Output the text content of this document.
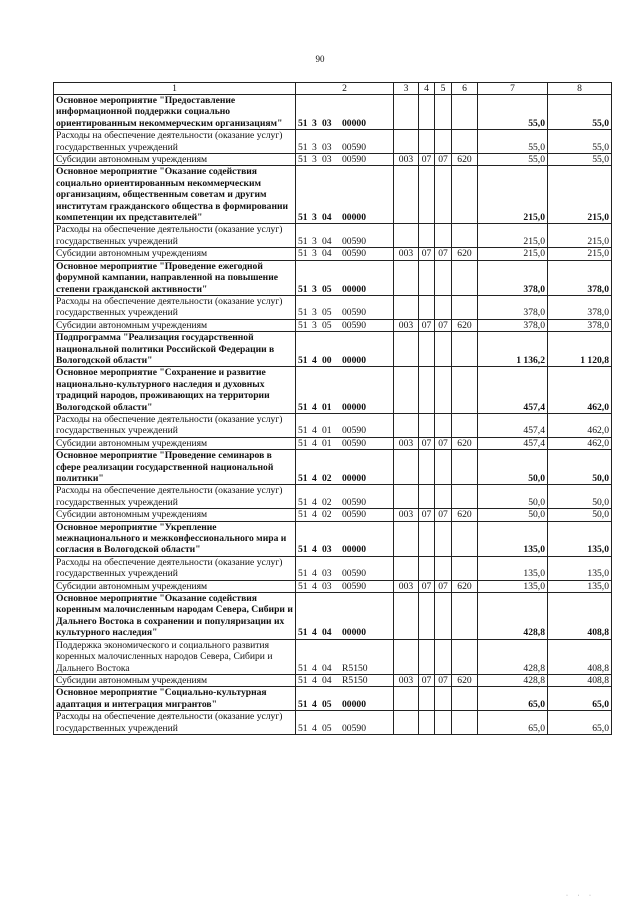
90
1	2	3	4	5	6	7	8
Основное мероприятие "Предоставление информационной поддержки социально ориентированным некоммерческим организациям"	51 3 03 00000					55,0	55,0
Расходы на обеспечение деятельности (оказание услуг) государственных учреждений	51 3 03 00590					55,0	55,0
Субсидии автономным учреждениям	51 3 03 00590	003	07	07	620	55,0	55,0
Основное мероприятие "Оказание содействия социально ориентированным некоммерческим организациям, общественным советам и другим институтам гражданского общества в формировании компетенции их представителей"	51 3 04 00000					215,0	215,0
Расходы на обеспечение деятельности (оказание услуг) государственных учреждений	51 3 04 00590					215,0	215,0
Субсидии автономным учреждениям	51 3 04 00590	003	07	07	620	215,0	215,0
Основное мероприятие "Проведение ежегодной форумной кампании, направленной на повышение степени гражданской активности"	51 3 05 00000					378,0	378,0
Расходы на обеспечение деятельности (оказание услуг) государственных учреждений	51 3 05 00590					378,0	378,0
Субсидии автономным учреждениям	51 3 05 00590	003	07	07	620	378,0	378,0
Подпрограмма "Реализация государственной национальной политики Российской Федерации в Вологодской области"	51 4 00 00000					1 136,2	1 120,8
Основное мероприятие "Сохранение и развитие национально-культурного наследия и духовных традиций народов, проживающих на территории Вологодской области"	51 4 01 00000					457,4	462,0
Расходы на обеспечение деятельности (оказание услуг) государственных учреждений	51 4 01 00590					457,4	462,0
Субсидии автономным учреждениям	51 4 01 00590	003	07	07	620	457,4	462,0
Основное мероприятие "Проведение семинаров в сфере реализации государственной национальной политики"	51 4 02 00000					50,0	50,0
Расходы на обеспечение деятельности (оказание услуг) государственных учреждений	51 4 02 00590					50,0	50,0
Субсидии автономным учреждениям	51 4 02 00590	003	07	07	620	50,0	50,0
Основное мероприятие "Укрепление межнационального и межконфессионального мира и согласия в Вологодской области"	51 4 03 00000					135,0	135,0
Расходы на обеспечение деятельности (оказание услуг) государственных учреждений	51 4 03 00590					135,0	135,0
Субсидии автономным учреждениям	51 4 03 00590	003	07	07	620	135,0	135,0
Основное мероприятие "Оказание содействия коренным малочисленным народам Севера, Сибири и Дальнего Востока в сохранении и популяризации их культурного наследия"	51 4 04 00000					428,8	408,8
Поддержка экономического и социального развития коренных малочисленных народов Севера, Сибири и Дальнего Востока	51 4 04 R5150					428,8	408,8
Субсидии автономным учреждениям	51 4 04 R5150	003	07	07	620	428,8	408,8
Основное мероприятие "Социально-культурная адаптация и интеграция мигрантов"	51 4 05 00000					65,0	65,0
Расходы на обеспечение деятельности (оказание услуг) государственных учреждений	51 4 05 00590					65,0	65,0
· · ·
